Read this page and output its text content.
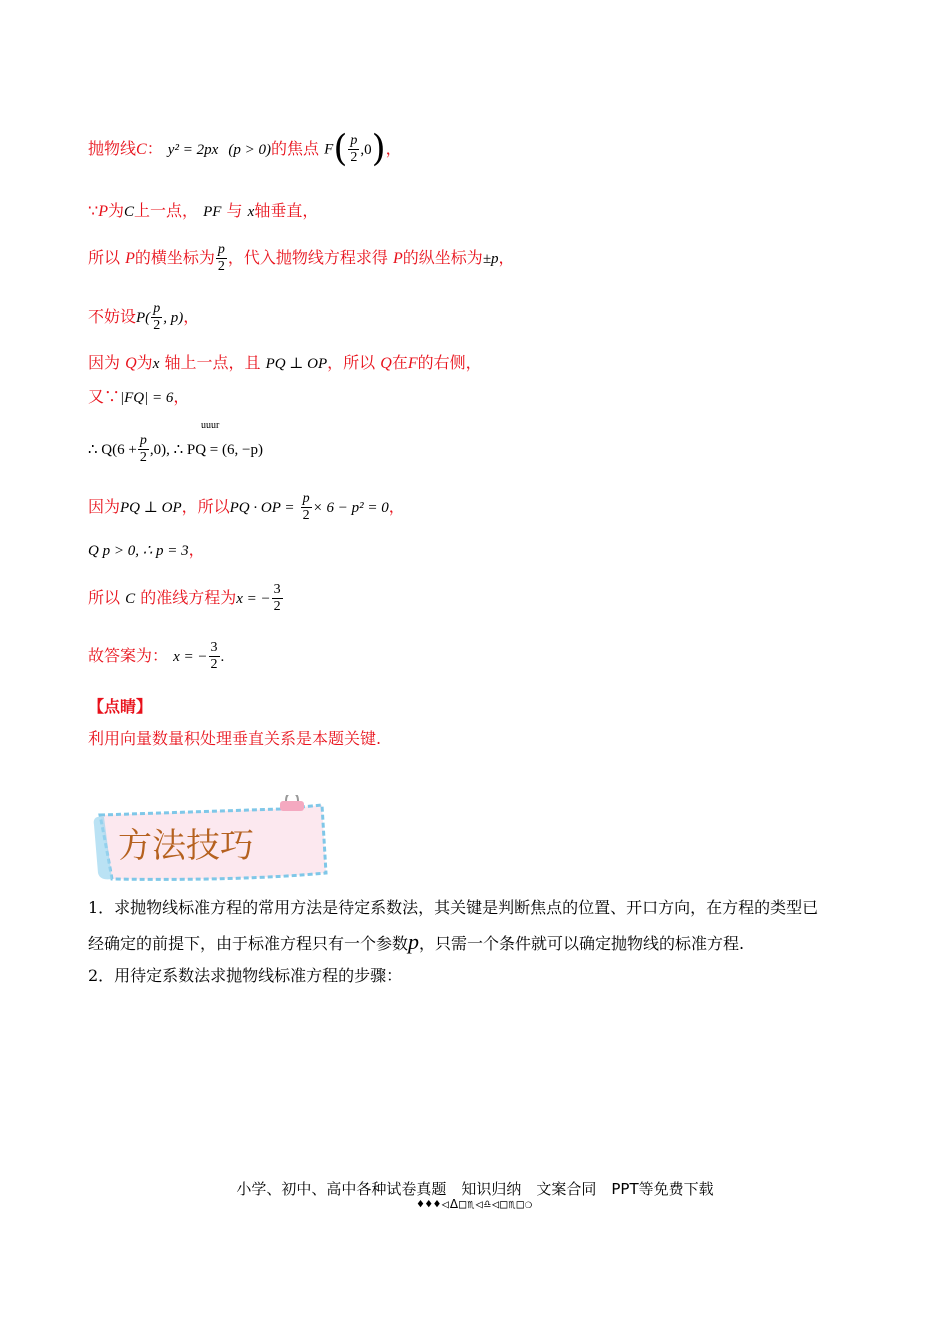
抛物线C： y² = 2px (p > 0)的焦点 $F( \frac{p}{2} ,0)$，
∵P为C上一点， PF 与 x轴垂直，
所以 P的横坐标为 $\frac{p}{2}$ ，代入抛物线方程求得 P的纵坐标为±p，
不妨设$P( \frac{p}{2}$ , p)，
因为 Q为x 轴上一点，且 PQ ⊥ OP，所以 Q在F的右侧，
又∵|FQ| = 6，
uuur
∴ $Q(6 + \frac{p}{2} ,0)$, ∴ PQ = (6, −p)
因为PQ ⊥ OP，所以PQ · OP = $\frac{p}{2} \times 6 - p^2 = 0$，
Q p > 0, ∴ p = 3，
所以 C 的准线方程为x = − $\frac{3}{2}$
故答案为： x = − $\frac{3}{2}$ .
【点睛】
利用向量数量积处理垂直关系是本题关键.
方法技巧
1．求抛物线标准方程的常用方法是待定系数法，其关键是判断焦点的位置、开口方向，在方程的类型已
经确定的前提下，由于标准方程只有一个参数p，只需一个条件就可以确定抛物线的标准方程.
2．用待定系数法求抛物线标准方程的步骤：
小学、初中、高中各种试卷真题　知识归纳　文案合同　PPT等免费下载
♦♦♦◁ᐃ□♏◁♎◁□♏□❍
